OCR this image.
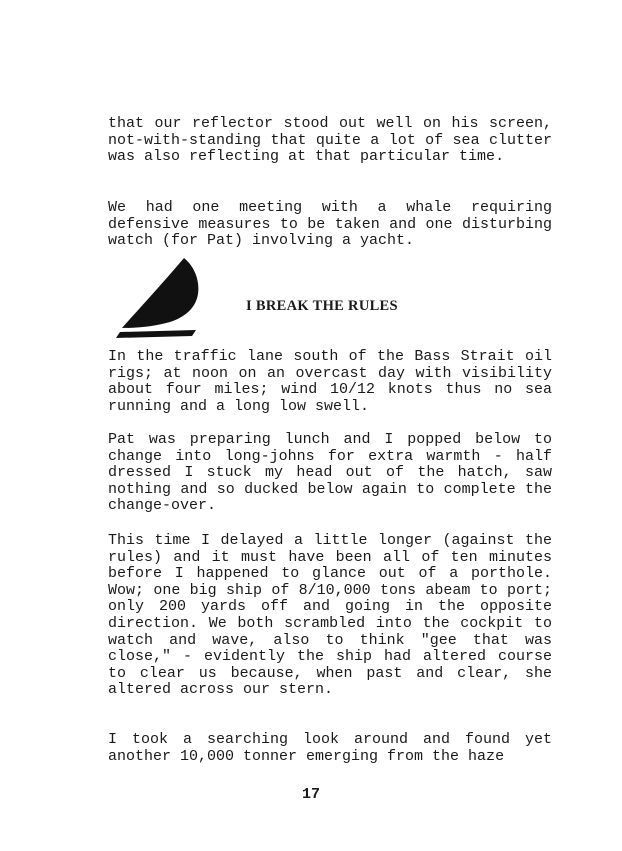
that our reflector stood out well on his screen, not-with-standing that quite a lot of sea clutter was also reflecting at that particular time.

We had one meeting with a whale requiring defensive measures to be taken and one disturbing watch (for Pat) involving a yacht.

I BREAK THE RULES

In the traffic lane south of the Bass Strait oil rigs; at noon on an overcast day with visibility about four miles; wind 10/12 knots thus no sea running and a long low swell.

Pat was preparing lunch and I popped below to change into long-johns for extra warmth - half dressed I stuck my head out of the hatch, saw nothing and so ducked below again to complete the change-over.

This time I delayed a little longer (against the rules) and it must have been all of ten minutes before I happened to glance out of a porthole. Wow; one big ship of 8/10,000 tons abeam to port; only 200 yards off and going in the opposite direction. We both scrambled into the cockpit to watch and wave, also to think "gee that was close," - evidently the ship had altered course to clear us because, when past and clear, she altered across our stern.

I took a searching look around and found yet another 10,000 tonner emerging from the haze

17
